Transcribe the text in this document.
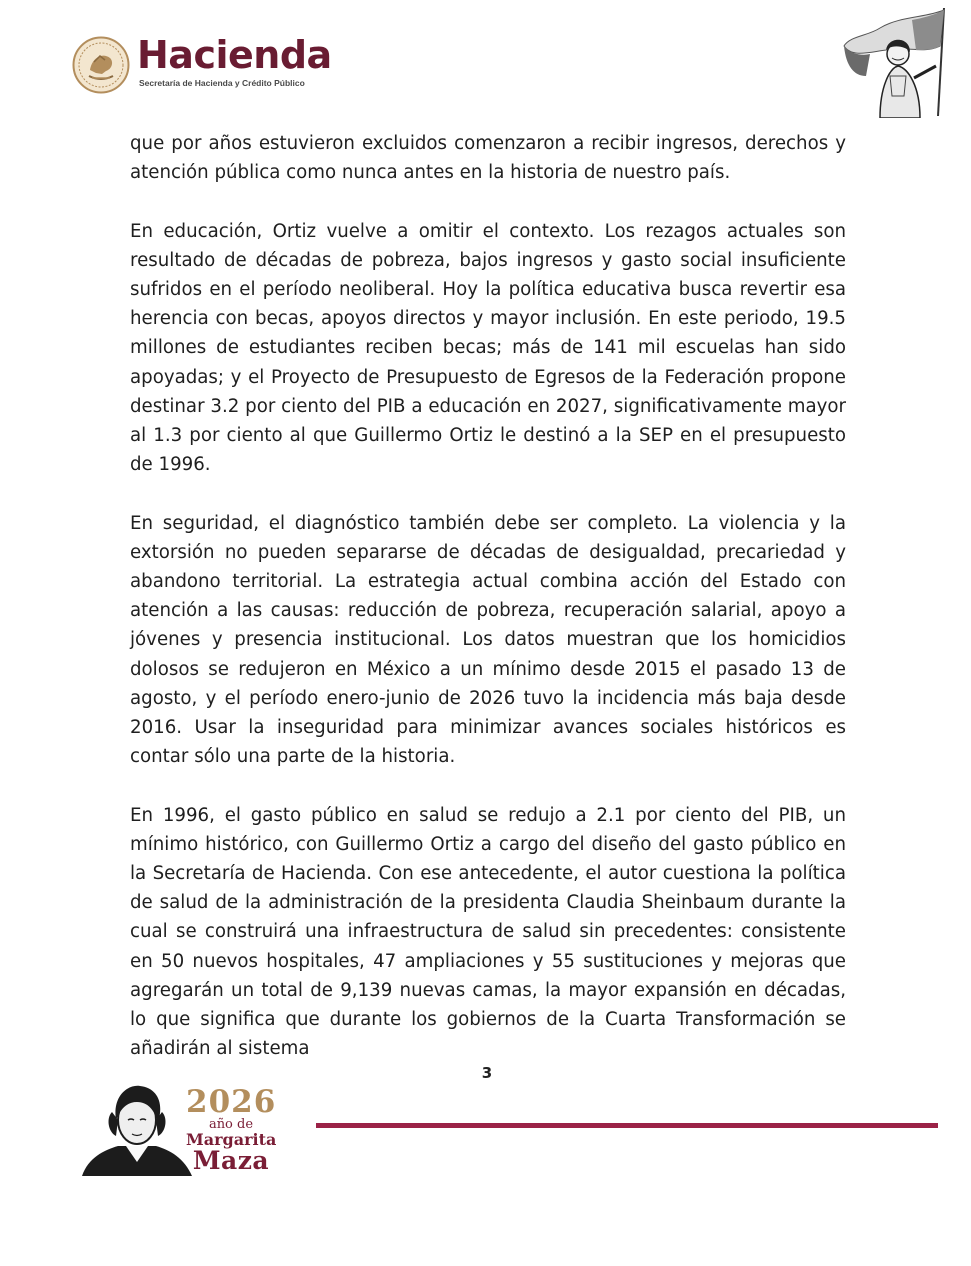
Hacienda
Secretaría de Hacienda y Crédito Público

que por años estuvieron excluidos comenzaron a recibir ingresos, derechos y atención pública como nunca antes en la historia de nuestro país.

En educación, Ortiz vuelve a omitir el contexto. Los rezagos actuales son resultado de décadas de pobreza, bajos ingresos y gasto social insuficiente sufridos en el período neoliberal. Hoy la política educativa busca revertir esa herencia con becas, apoyos directos y mayor inclusión. En este periodo, 19.5 millones de estudiantes reciben becas; más de 141 mil escuelas han sido apoyadas; y el Proyecto de Presupuesto de Egresos de la Federación propone destinar 3.2 por ciento del PIB a educación en 2027, significativamente mayor al 1.3 por ciento al que Guillermo Ortiz le destinó a la SEP en el presupuesto de 1996.

En seguridad, el diagnóstico también debe ser completo. La violencia y la extorsión no pueden separarse de décadas de desigualdad, precariedad y abandono territorial. La estrategia actual combina acción del Estado con atención a las causas: reducción de pobreza, recuperación salarial, apoyo a jóvenes y presencia institucional. Los datos muestran que los homicidios dolosos se redujeron en México a un mínimo desde 2015 el pasado 13 de agosto, y el período enero-junio de 2026 tuvo la incidencia más baja desde 2016. Usar la inseguridad para minimizar avances sociales históricos es contar sólo una parte de la historia.

En 1996, el gasto público en salud se redujo a 2.1 por ciento del PIB, un mínimo histórico, con Guillermo Ortiz a cargo del diseño del gasto público en la Secretaría de Hacienda. Con ese antecedente, el autor cuestiona la política de salud de la administración de la presidenta Claudia Sheinbaum durante la cual se construirá una infraestructura de salud sin precedentes: consistente en 50 nuevos hospitales, 47 ampliaciones y 55 sustituciones y mejoras que agregarán un total de 9,139 nuevas camas, la mayor expansión en décadas, lo que significa que durante los gobiernos de la Cuarta Transformación se añadirán al sistema

3
2026
año de
Margarita
Maza
